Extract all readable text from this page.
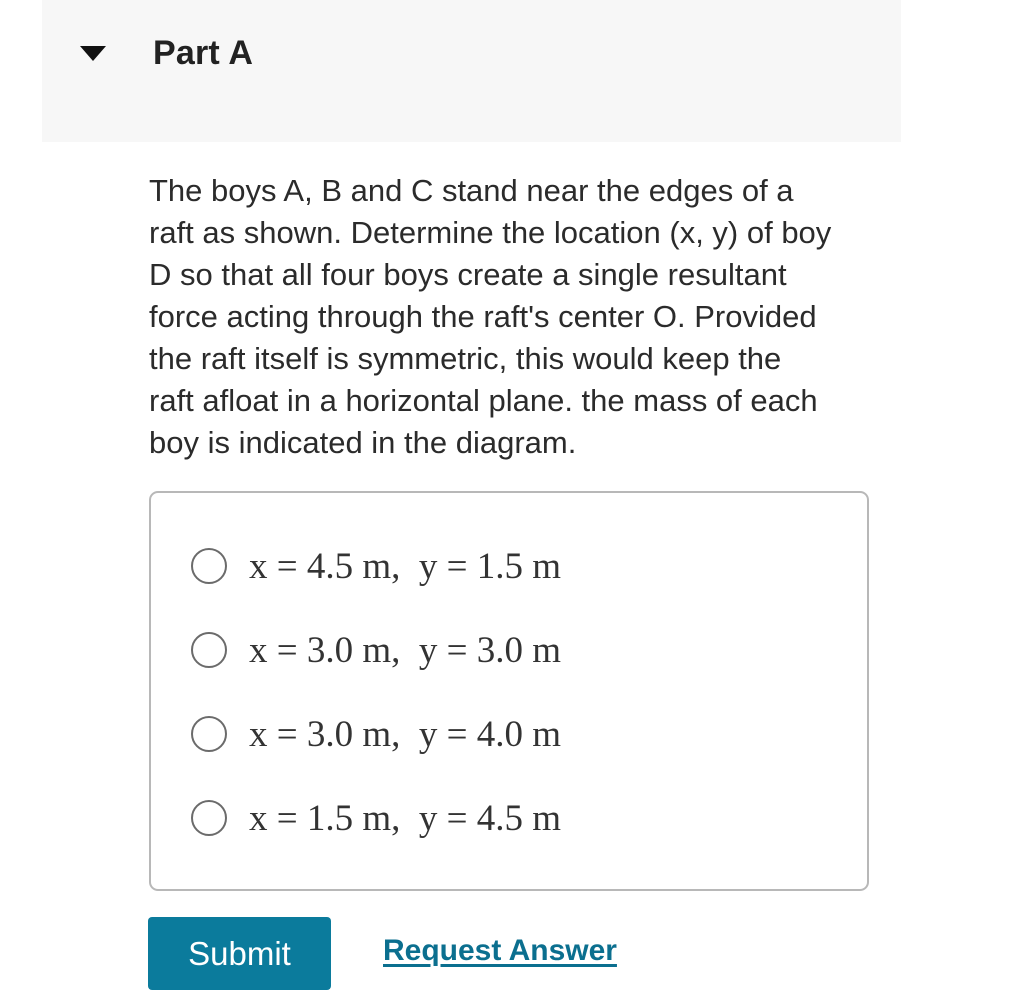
Part A
The boys A, B and C stand near the edges of a
raft as shown. Determine the location (x, y) of boy
D so that all four boys create a single resultant
force acting through the raft's center O. Provided
the raft itself is symmetric, this would keep the
raft afloat in a horizontal plane. the mass of each
boy is indicated in the diagram.
x = 4.5 m,  y = 1.5 m
x = 3.0 m,  y = 3.0 m
x = 3.0 m,  y = 4.0 m
x = 1.5 m,  y = 4.5 m
Submit	Request Answer
